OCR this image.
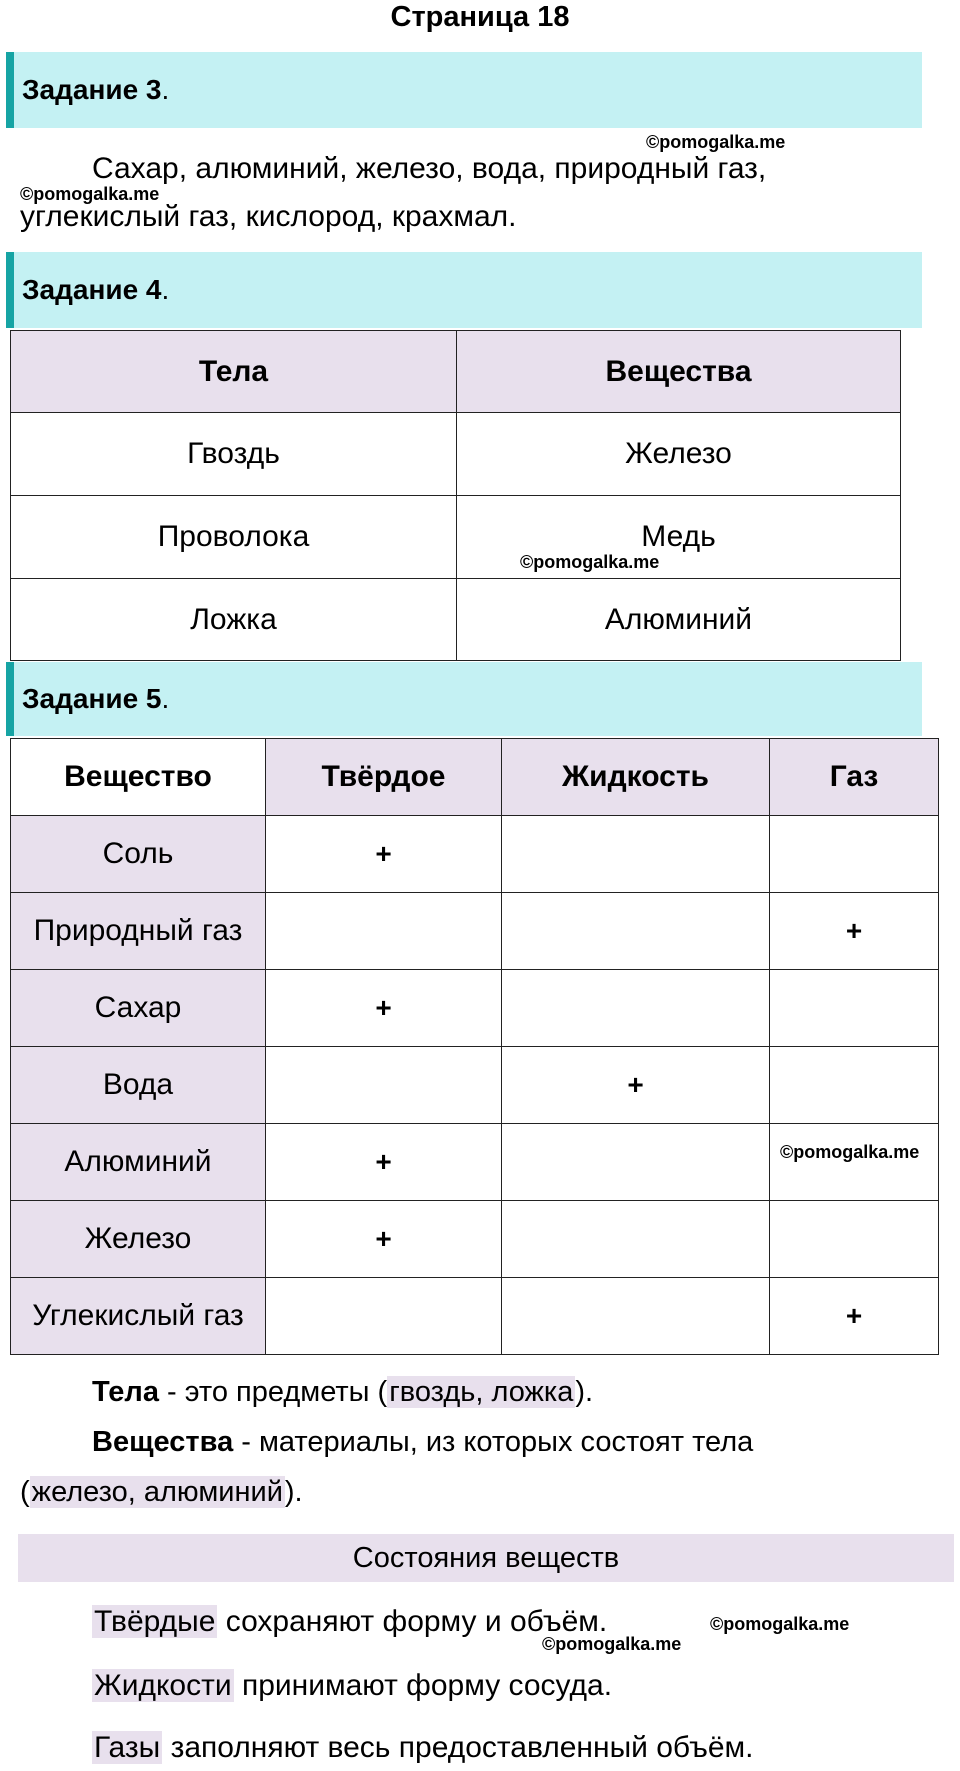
Страница 18
Задание 3.
©pomogalka.me
Сахар, алюминий, железо, вода, природный газ,
©pomogalka.me
углекислый газ, кислород, крахмал.
Задание 4.
Тела	Вещества
Гвоздь	Железо
Проволока	Медь
Ложка	Алюминий
©pomogalka.me
Задание 5.
Вещество	Твёрдое	Жидкость	Газ
Соль	+		
Природный газ			+
Сахар	+		
Вода		+	
Алюминий	+		
Железо	+		
Углекислый газ			+
©pomogalka.me
Тела - это предметы (гвоздь, ложка).
Вещества - материалы, из которых состоят тела
(железо, алюминий).
Состояния веществ
Твёрдые сохраняют форму и объём.	©pomogalka.me
©pomogalka.me
Жидкости принимают форму сосуда.
Газы заполняют весь предоставленный объём.
